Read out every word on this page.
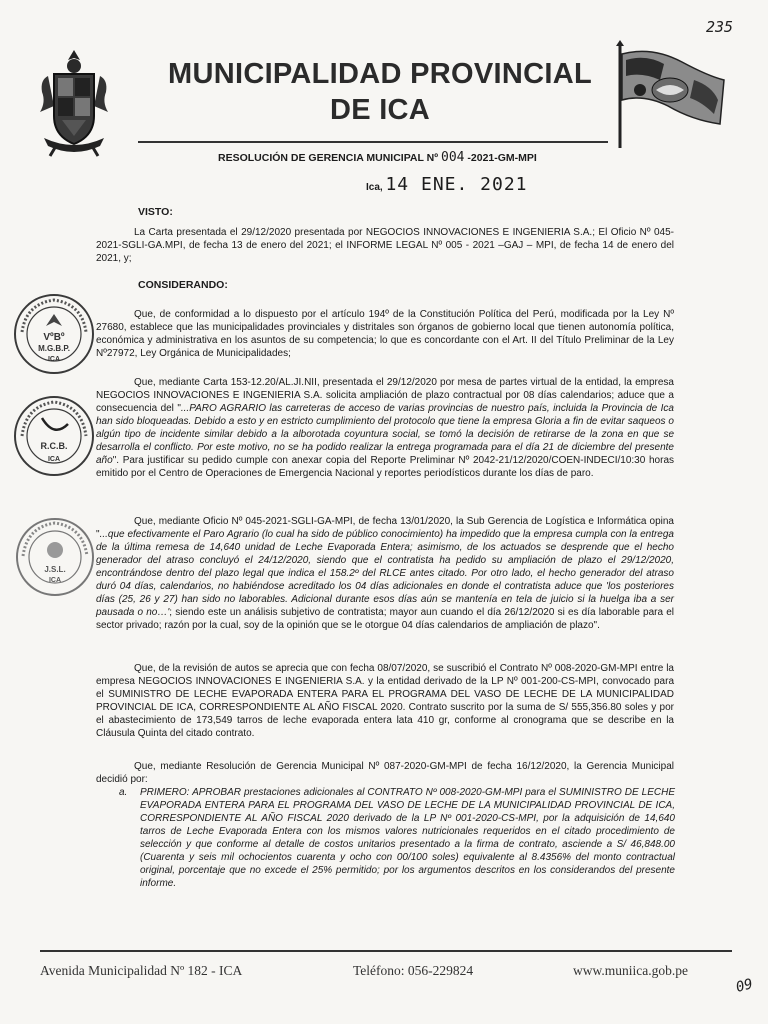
235
MUNICIPALIDAD PROVINCIAL DE ICA
RESOLUCIÓN DE GERENCIA MUNICIPAL Nº 004 -2021-GM-MPI
Ica, 14 ENE. 2021
VISTO:
La Carta presentada el 29/12/2020 presentada por NEGOCIOS INNOVACIONES E INGENIERIA S.A.; El Oficio Nº 045-2021-SGLI-GA.MPI, de fecha 13 de enero del 2021; el INFORME LEGAL Nº 005 - 2021 –GAJ – MPI, de fecha 14 de enero del 2021, y;
CONSIDERANDO:
Que, de conformidad a lo dispuesto por el artículo 194º de la Constitución Política del Perú, modificada por la Ley Nº 27680, establece que las municipalidades provinciales y distritales son órganos de gobierno local que tienen autonomía política, económica y administrativa en los asuntos de su competencia; lo que es concordante con el Art. II del Título Preliminar de la Ley Nº27972, Ley Orgánica de Municipalidades;
Que, mediante Carta 153-12.20/AL.JI.NII, presentada el 29/12/2020 por mesa de partes virtual de la entidad, la empresa NEGOCIOS INNOVACIONES E INGENIERIA S.A. solicita ampliación de plazo contractual por 08 días calendarios; aduce que a consecuencia del "...PARO AGRARIO las carreteras de acceso de varias provincias de nuestro país, incluida la Provincia de Ica han sido bloqueadas. Debido a esto y en estricto cumplimiento del protocolo que tiene la empresa Gloria a fin de evitar saqueos o algún tipo de incidente similar debido a la alborotada coyuntura social, se tomó la decisión de retirarse de la zona en que se desarrolla el conflicto. Por este motivo, no se ha podido realizar la entrega programada para el día 21 de diciembre del presente año". Para justificar su pedido cumple con anexar copia del Reporte Preliminar Nº 2042-21/12/2020/COEN-INDECI/10:30 horas emitido por el Centro de Operaciones de Emergencia Nacional y reportes periodísticos durante los días de paro.
Que, mediante Oficio Nº 045-2021-SGLI-GA-MPI, de fecha 13/01/2020, la Sub Gerencia de Logística e Informática opina "...que efectivamente el Paro Agrario (lo cual ha sido de público conocimiento) ha impedido que la empresa cumpla con la entrega de la última remesa de 14,640 unidad de Leche Evaporada Entera; asimismo, de los actuados se desprende que el hecho generador del atraso concluyó el 24/12/2020, siendo que el contratista ha pedido su ampliación de plazo el 29/12/2020, encontrándose dentro del plazo legal que indica el 158.2º del RLCE antes citado. Por otro lado, el hecho generador del atraso duró 04 días, calendarios, no habiéndose acreditado los 04 días adicionales en donde el contratista aduce que 'los posteriores días (25, 26 y 27) han sido no laborables. Adicional durante esos días aún se mantenía en tela de juicio si la huelga iba a ser pausada o no…'; siendo este un análisis subjetivo de contratista; mayor aun cuando el día 26/12/2020 si es día laborable para el sector privado; razón por la cual, soy de la opinión que se le otorgue 04 días calendarios de ampliación de plazo".
Que, de la revisión de autos se aprecia que con fecha 08/07/2020, se suscribió el Contrato Nº 008-2020-GM-MPI entre la empresa NEGOCIOS INNOVACIONES E INGENIERIA S.A. y la entidad derivado de la LP Nº 001-200-CS-MPI, convocado para el SUMINISTRO DE LECHE EVAPORADA ENTERA PARA EL PROGRAMA DEL VASO DE LECHE DE LA MUNICIPALIDAD PROVINCIAL DE ICA, CORRESPONDIENTE AL AÑO FISCAL 2020. Contrato suscrito por la suma de S/ 555,356.80 soles y por el abastecimiento de 173,549 tarros de leche evaporada entera lata 410 gr, conforme al cronograma que se describe en la Cláusula Quinta del citado contrato.
Que, mediante Resolución de Gerencia Municipal Nº 087-2020-GM-MPI de fecha 16/12/2020, la Gerencia Municipal decidió por:
a. PRIMERO: APROBAR prestaciones adicionales al CONTRATO Nº 008-2020-GM-MPI para el SUMINISTRO DE LECHE EVAPORADA ENTERA PARA EL PROGRAMA DEL VASO DE LECHE DE LA MUNICIPALIDAD PROVINCIAL DE ICA, CORRESPONDIENTE AL AÑO FISCAL 2020 derivado de la LP Nº 001-2020-CS-MPI, por la adquisición de 14,640 tarros de Leche Evaporada Entera con los mismos valores nutricionales requeridos en el citado procedimiento de selección y que conforme al detalle de costos unitarios presentado a la firma de contrato, asciende a S/ 46,848.00 (Cuarenta y seis mil ochocientos cuarenta y ocho con 00/100 soles) equivalente al 8.4356% del monto contractual original, porcentaje que no excede el 25% permitido; por los argumentos descritos en los considerandos del presente informe.
VºBº
M.G.B.P.
ICA
R.C.B.
ICA
J.S.L.
ICA
Avenida Municipalidad Nº 182 - ICA	Teléfono: 056-229824	www.muniica.gob.pe
09
